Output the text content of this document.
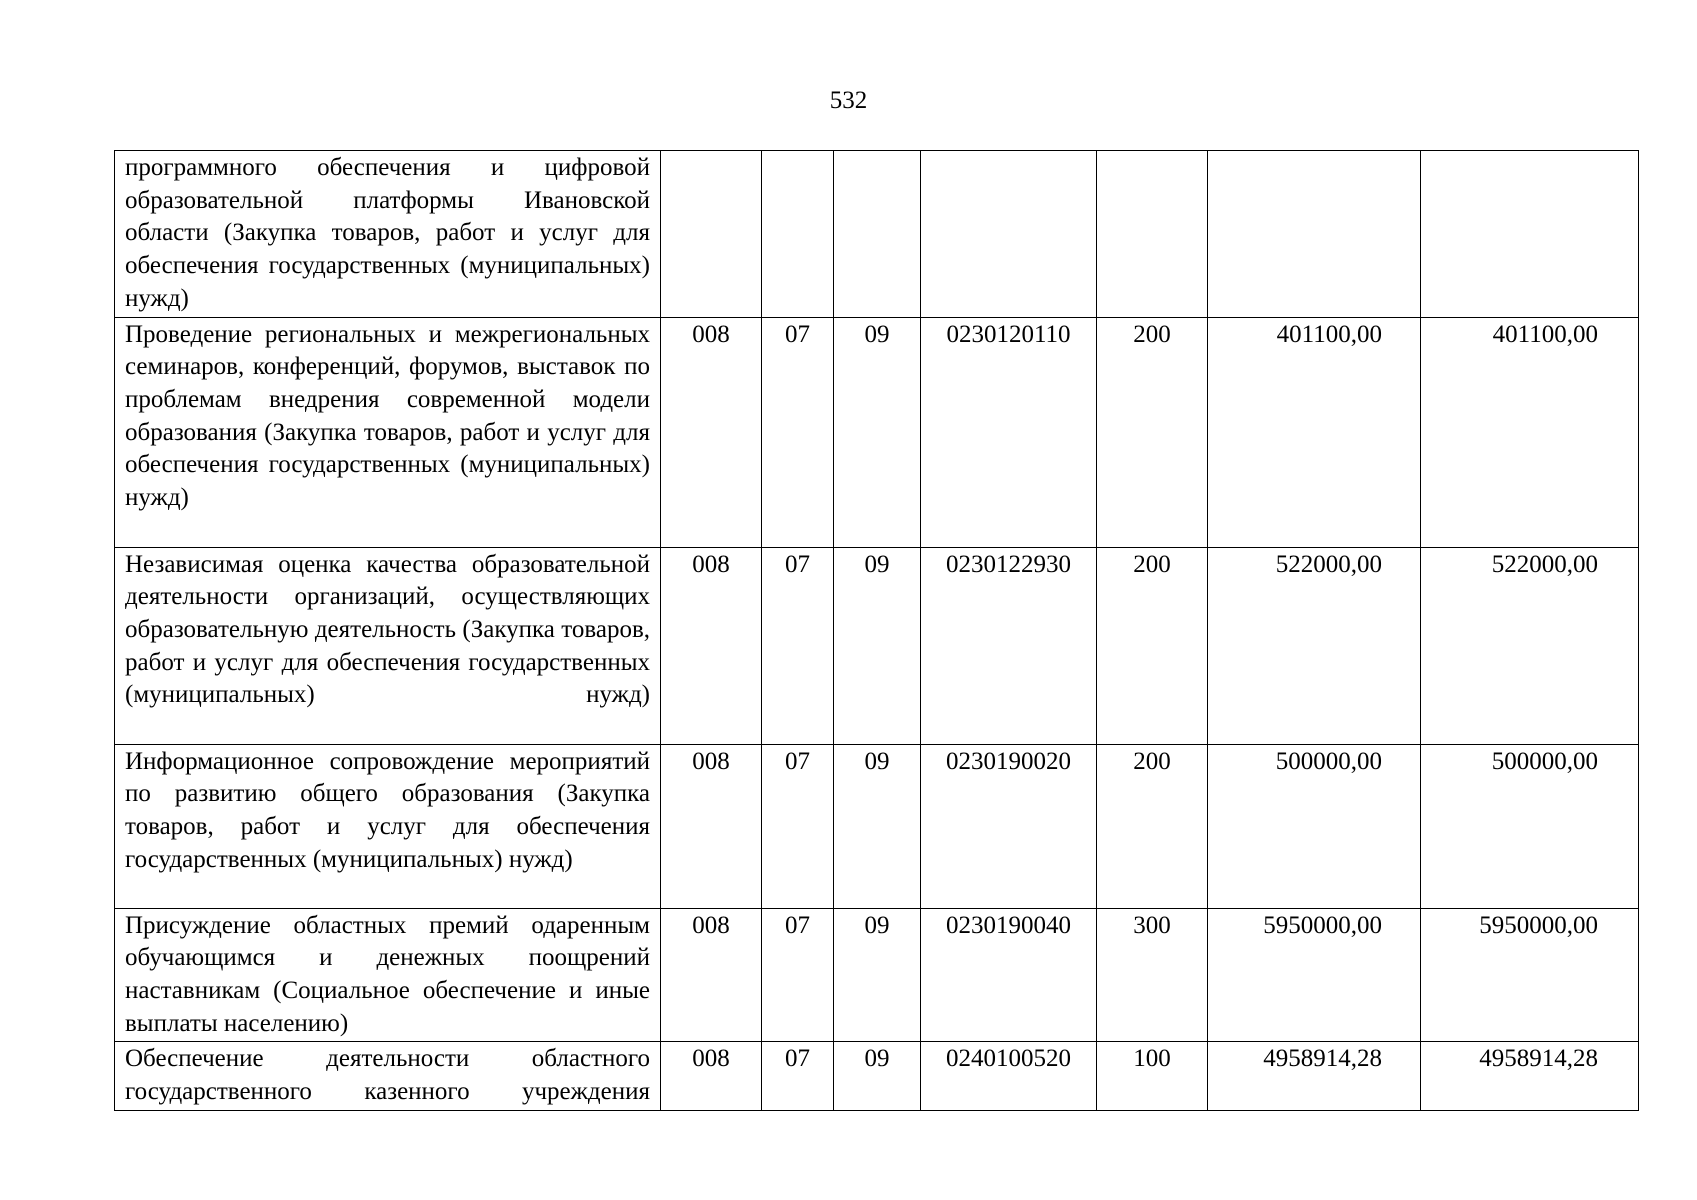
532
программного обеспечения и цифровой образовательной платформы Ивановской области (Закупка товаров, работ и услуг для обеспечения государственных (муниципальных) нужд)							
Проведение региональных и межрегиональных семинаров, конференций, форумов, выставок по проблемам внедрения современной модели образования (Закупка товаров, работ и услуг для обеспечения государственных (муниципальных) нужд)	008	07	09	0230120110	200	401100,00	401100,00
Независимая оценка качества образовательной деятельности организаций, осуществляющих образовательную деятельность (Закупка товаров, работ и услуг для обеспечения государственных (муниципальных) нужд)	008	07	09	0230122930	200	522000,00	522000,00
Информационное сопровождение мероприятий по развитию общего образования (Закупка товаров, работ и услуг для обеспечения государственных (муниципальных) нужд)	008	07	09	0230190020	200	500000,00	500000,00
Присуждение областных премий одаренным обучающимся и денежных поощрений наставникам (Социальное обеспечение и иные выплаты населению)	008	07	09	0230190040	300	5950000,00	5950000,00
Обеспечение деятельности областного государственного казенного учреждения	008	07	09	0240100520	100	4958914,28	4958914,28
